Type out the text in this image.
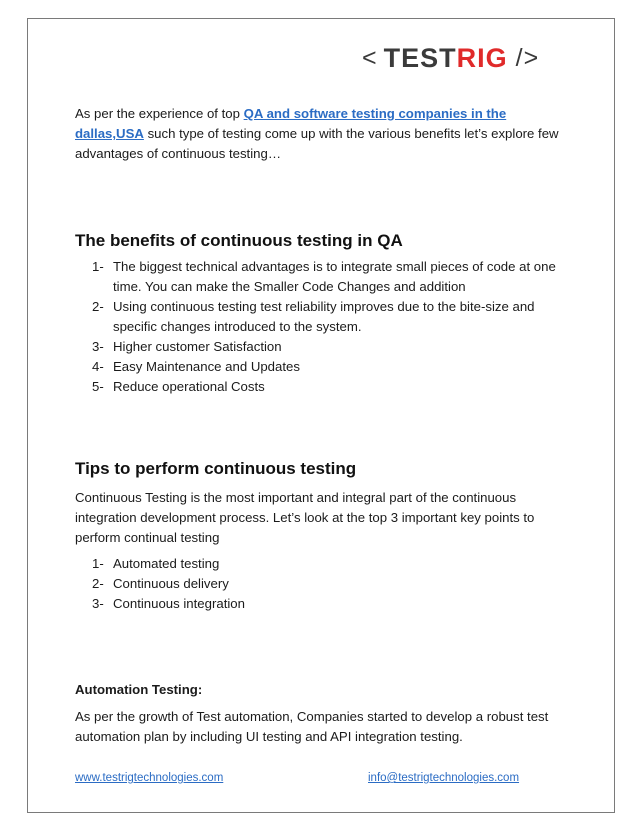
< TEST RIG />

As per the experience of top QA and software testing companies in the dallas,USA such type of testing come up with the various benefits let’s explore few advantages of continuous testing…

The benefits of continuous testing in QA
1- The biggest technical advantages is to integrate small pieces of code at one time. You can make the Smaller Code Changes and addition
2- Using continuous testing test reliability improves due to the bite-size and specific changes introduced to the system.
3- Higher customer Satisfaction
4- Easy Maintenance and Updates
5- Reduce operational Costs
Tips to perform continuous testing

Continuous Testing is the most important and integral part of the continuous integration development process. Let’s look at the top 3 important key points to perform continual testing

1- Automated testing
2- Continuous delivery
3- Continuous integration
Automation Testing:

As per the growth of Test automation, Companies started to develop a robust test automation plan by including UI testing and API integration testing.

www.testrigtechnologies.com	info@testrigtechnologies.com
